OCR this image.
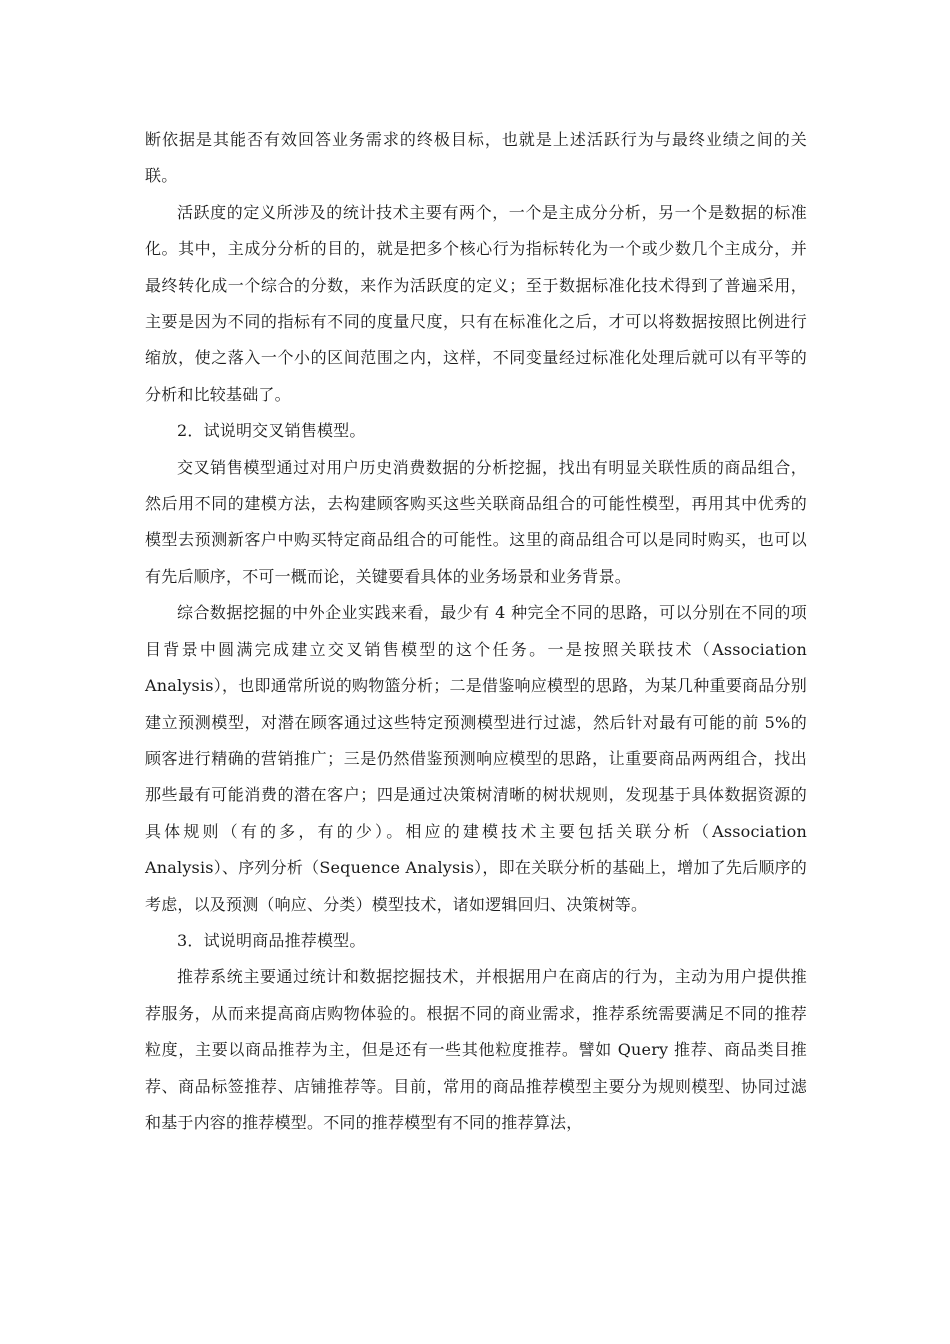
断依据是其能否有效回答业务需求的终极目标，也就是上述活跃行为与最终业绩之间的关联。

活跃度的定义所涉及的统计技术主要有两个，一个是主成分分析，另一个是数据的标准化。其中，主成分分析的目的，就是把多个核心行为指标转化为一个或少数几个主成分，并最终转化成一个综合的分数，来作为活跃度的定义；至于数据标准化技术得到了普遍采用，主要是因为不同的指标有不同的度量尺度，只有在标准化之后，才可以将数据按照比例进行缩放，使之落入一个小的区间范围之内，这样，不同变量经过标准化处理后就可以有平等的分析和比较基础了。

2．试说明交叉销售模型。

交叉销售模型通过对用户历史消费数据的分析挖掘，找出有明显关联性质的商品组合，然后用不同的建模方法，去构建顾客购买这些关联商品组合的可能性模型，再用其中优秀的模型去预测新客户中购买特定商品组合的可能性。这里的商品组合可以是同时购买，也可以有先后顺序，不可一概而论，关键要看具体的业务场景和业务背景。

综合数据挖掘的中外企业实践来看，最少有 4 种完全不同的思路，可以分别在不同的项目背景中圆满完成建立交叉销售模型的这个任务。一是按照关联技术（Association Analysis），也即通常所说的购物篮分析；二是借鉴响应模型的思路，为某几种重要商品分别建立预测模型，对潜在顾客通过这些特定预测模型进行过滤，然后针对最有可能的前 5%的顾客进行精确的营销推广；三是仍然借鉴预测响应模型的思路，让重要商品两两组合，找出那些最有可能消费的潜在客户；四是通过决策树清晰的树状规则，发现基于具体数据资源的具体规则（有的多，有的少）。相应的建模技术主要包括关联分析（Association Analysis）、序列分析（Sequence Analysis），即在关联分析的基础上，增加了先后顺序的考虑，以及预测（响应、分类）模型技术，诸如逻辑回归、决策树等。

3．试说明商品推荐模型。

推荐系统主要通过统计和数据挖掘技术，并根据用户在商店的行为，主动为用户提供推荐服务，从而来提高商店购物体验的。根据不同的商业需求，推荐系统需要满足不同的推荐粒度，主要以商品推荐为主，但是还有一些其他粒度推荐。譬如 Query 推荐、商品类目推荐、商品标签推荐、店铺推荐等。目前，常用的商品推荐模型主要分为规则模型、协同过滤和基于内容的推荐模型。不同的推荐模型有不同的推荐算法，
